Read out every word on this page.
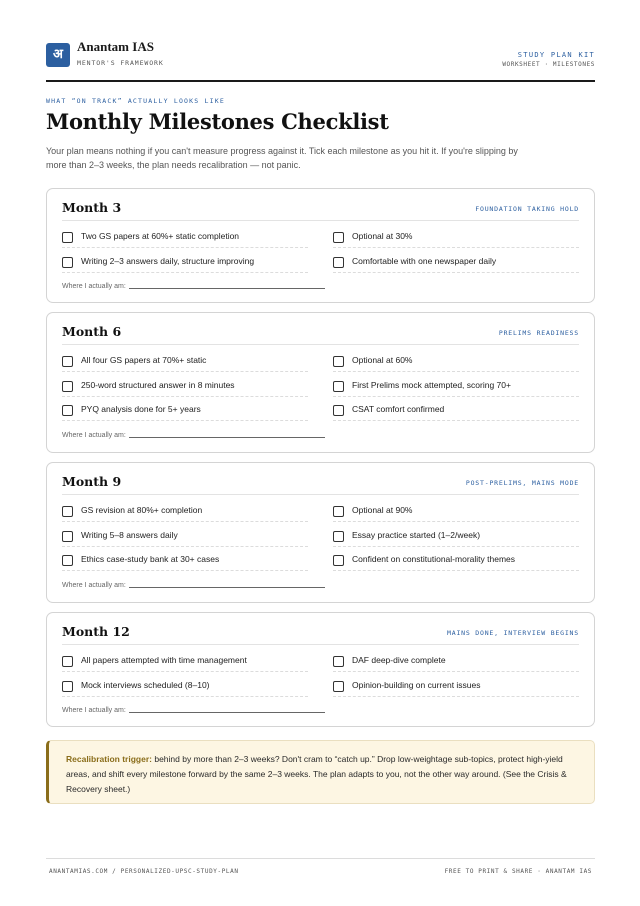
अ
Anantam IAS
MENTOR'S FRAMEWORK
STUDY PLAN KIT
WORKSHEET · MILESTONES
WHAT “ON TRACK” ACTUALLY LOOKS LIKE
Monthly Milestones Checklist

Your plan means nothing if you can't measure progress against it. Tick each milestone as you hit it. If you're slipping by more than 2–3 weeks, the plan needs recalibration — not panic.

Month 3	FOUNDATION TAKING HOLD
Two GS papers at 60%+ static completion	Optional at 30%
Writing 2–3 answers daily, structure improving	Comfortable with one newspaper daily
Where I actually am:
Month 6	PRELIMS READINESS
All four GS papers at 70%+ static	Optional at 60%
250-word structured answer in 8 minutes	First Prelims mock attempted, scoring 70+
PYQ analysis done for 5+ years	CSAT comfort confirmed
Where I actually am:
Month 9	POST-PRELIMS, MAINS MODE
GS revision at 80%+ completion	Optional at 90%
Writing 5–8 answers daily	Essay practice started (1–2/week)
Ethics case-study bank at 30+ cases	Confident on constitutional-morality themes
Where I actually am:
Month 12	MAINS DONE, INTERVIEW BEGINS
All papers attempted with time management	DAF deep-dive complete
Mock interviews scheduled (8–10)	Opinion-building on current issues
Where I actually am:

Recalibration trigger: behind by more than 2–3 weeks? Don't cram to “catch up.” Drop low-weightage sub-topics, protect high-yield areas, and shift every milestone forward by the same 2–3 weeks. The plan adapts to you, not the other way around. (See the Crisis & Recovery sheet.)

ANANTAMIAS.COM / PERSONALIZED-UPSC-STUDY-PLAN	FREE TO PRINT & SHARE · ANANTAM IAS
